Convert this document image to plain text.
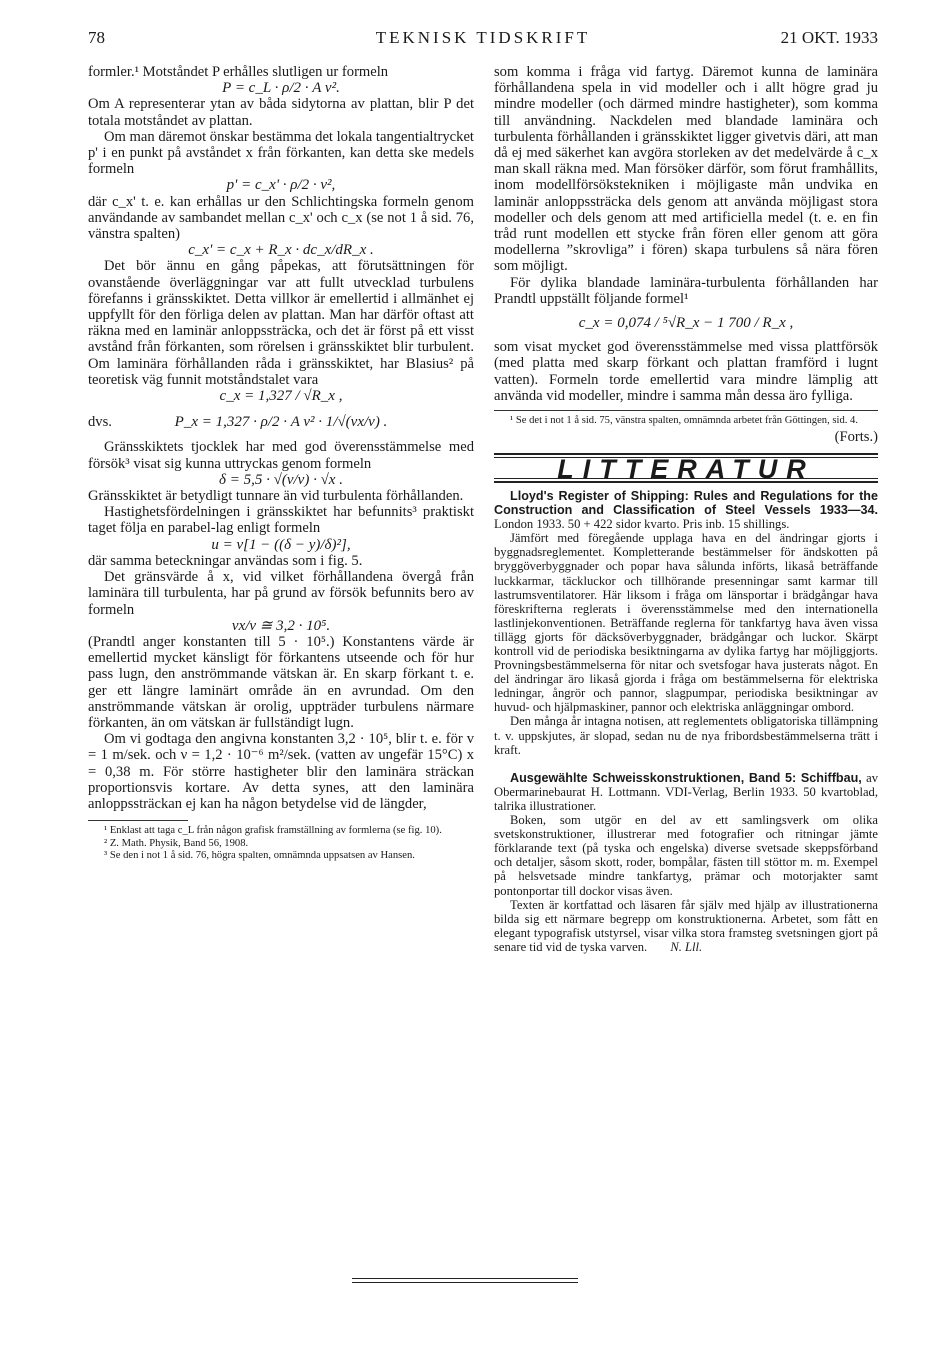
78	TEKNISK TIDSKRIFT	21 OKT. 1933

formler.¹ Motståndet P erhålles slutligen ur formeln

P = c_L · ρ/2 · A v².

Om A representerar ytan av båda sidytorna av plattan, blir P det totala motståndet av plattan.

Om man däremot önskar bestämma det lokala tangentialtrycket p' i en punkt på avståndet x från förkanten, kan detta ske medels formeln

p' = c_x' · ρ/2 · v²,

där c_x' t. e. kan erhållas ur den Schlichtingska formeln genom användande av sambandet mellan c_x' och c_x (se not 1 å sid. 76, vänstra spalten)

c_x' = c_x + R_x · dc_x/dR_x .

Det bör ännu en gång påpekas, att förutsättningen för ovanstående överläggningar var att fullt utvecklad turbulens förefanns i gränsskiktet. Detta villkor är emellertid i allmänhet ej uppfyllt för den förliga delen av plattan. Man har därför oftast att räkna med en laminär anloppssträcka, och det är först på ett visst avstånd från förkanten, som rörelsen i gränsskiktet blir turbulent. Om laminära förhållanden råda i gränsskiktet, har Blasius² på teoretisk väg funnit motståndstalet vara

c_x = 1,327 / √R_x ,

dvs.	P_x = 1,327 · ρ/2 · A v² · 1/√(vx/ν) .

Gränsskiktets tjocklek har med god överensstämmelse med försök³ visat sig kunna uttryckas genom formeln

δ = 5,5 · √(ν/v) · √x .

Gränsskiktet är betydligt tunnare än vid turbulenta förhållanden.

Hastighetsfördelningen i gränsskiktet har befunnits³ praktiskt taget följa en parabel-lag enligt formeln

u = v[1 − ((δ − y)/δ)²],

där samma beteckningar användas som i fig. 5.

Det gränsvärde å x, vid vilket förhållandena övergå från laminära till turbulenta, har på grund av försök befunnits bero av formeln

vx/ν ≅ 3,2 · 10⁵.

(Prandtl anger konstanten till 5 · 10⁵.) Konstantens värde är emellertid mycket känsligt för förkantens utseende och för hur pass lugn, den anströmmande vätskan är. En skarp förkant t. e. ger ett längre laminärt område än en avrundad. Om den anströmmande vätskan är orolig, uppträder turbulens närmare förkanten, än om vätskan är fullständigt lugn.

Om vi godtaga den angivna konstanten 3,2 · 10⁵, blir t. e. för v = 1 m/sek. och ν = 1,2 · 10⁻⁶ m²/sek. (vatten av ungefär 15°C) x = 0,38 m. För större hastigheter blir den laminära sträckan proportionsvis kortare. Av detta synes, att den laminära anloppssträckan ej kan ha någon betydelse vid de längder,

¹ Enklast att taga c_L från någon grafisk framställning av formlerna (se fig. 10).

² Z. Math. Physik, Band 56, 1908.

³ Se den i not 1 å sid. 76, högra spalten, omnämnda uppsatsen av Hansen.

som komma i fråga vid fartyg. Däremot kunna de laminära förhållandena spela in vid modeller och i allt högre grad ju mindre modeller (och därmed mindre hastigheter), som komma till användning. Nackdelen med blandade laminära och turbulenta förhållanden i gränsskiktet ligger givetvis däri, att man då ej med säkerhet kan avgöra storleken av det medelvärde å c_x man skall räkna med. Man försöker därför, som förut framhållits, inom modellförsökstekniken i möjligaste mån undvika en laminär anloppssträcka dels genom att använda möjligast stora modeller och dels genom att med artificiella medel (t. e. en fin tråd runt modellen ett stycke från fören eller genom att göra modellerna ”skrovliga” i fören) skapa turbulens så nära fören som möjligt.

För dylika blandade laminära-turbulenta förhållanden har Prandtl uppställt följande formel¹

c_x = 0,074 / ⁵√R_x − 1 700 / R_x ,

som visat mycket god överensstämmelse med vissa plattförsök (med platta med skarp förkant och plattan framförd i lugnt vatten). Formeln torde emellertid vara mindre lämplig att använda vid modeller, mindre i samma mån dessa äro fylliga.

¹ Se det i not 1 å sid. 75, vänstra spalten, omnämnda arbetet från Göttingen, sid. 4.

(Forts.)

LITTERATUR

Lloyd's Register of Shipping: Rules and Regulations for the Construction and Classification of Steel Vessels 1933—34. London 1933. 50 + 422 sidor kvarto. Pris inb. 15 shillings.

Jämfört med föregående upplaga hava en del ändringar gjorts i byggnadsreglementet. Kompletterande bestämmelser för ändskotten på bryggöverbyggnader och popar hava sålunda införts, likaså beträffande luckkarmar, täckluckor och tillhörande presenningar samt karmar till lastrumsventilatorer. Här liksom i fråga om länsportar i brädgångar hava föreskrifterna reglerats i överensstämmelse med den internationella lastlinjekonventionen. Beträffande reglerna för tankfartyg hava även vissa tillägg gjorts för däcksöverbyggnader, brädgångar och luckor. Skärpt kontroll vid de periodiska besiktningarna av dylika fartyg har möjliggjorts. Provningsbestämmelserna för nitar och svetsfogar hava justerats något. En del ändringar äro likaså gjorda i fråga om bestämmelserna för elektriska ledningar, ångrör och pannor, slagpumpar, periodiska besiktningar av huvud- och hjälpmaskiner, pannor och elektriska anläggningar ombord.

Den många år intagna notisen, att reglementets obligatoriska tillämpning t. v. uppskjutes, är slopad, sedan nu de nya fribordsbestämmelserna trätt i kraft.

Ausgewählte Schweisskonstruktionen, Band 5: Schiffbau, av Obermarinebaurat H. Lottmann. VDI-Verlag, Berlin 1933. 50 kvartoblad, talrika illustrationer.

Boken, som utgör en del av ett samlingsverk om olika svetskonstruktioner, illustrerar med fotografier och ritningar jämte förklarande text (på tyska och engelska) diverse svetsade skeppsförband och detaljer, såsom skott, roder, bompålar, fästen till stöttor m. m. Exempel på helsvetsade mindre tankfartyg, prämar och motorjakter samt pontonportar till dockor visas även.

Texten är kortfattad och läsaren får själv med hjälp av illustrationerna bilda sig ett närmare begrepp om konstruktionerna. Arbetet, som fått en elegant typografisk utstyrsel, visar vilka stora framsteg svetsningen gjort på senare tid vid de tyska varven. N. Lll.
